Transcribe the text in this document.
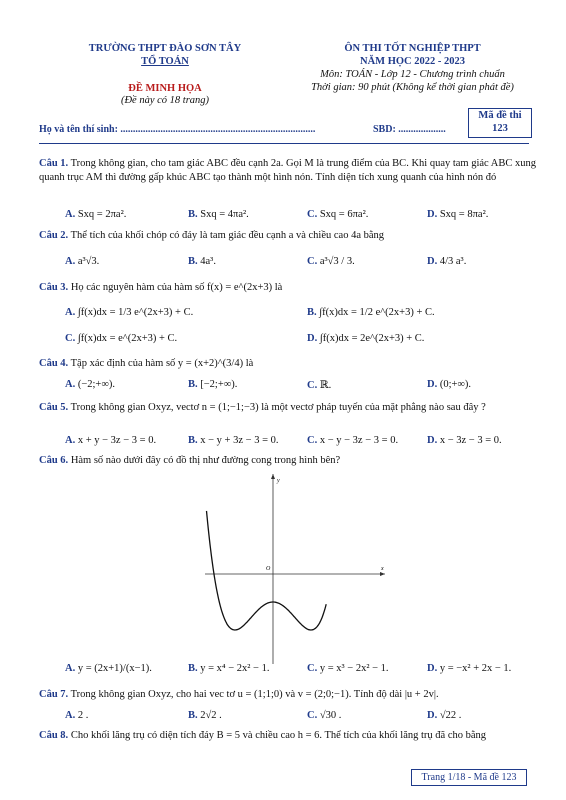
TRƯỜNG THPT ĐÀO SƠN TÂY
TỔ TOÁN
ĐỀ MINH HỌA
(Đề này có 18 trang)
ÔN THI TỐT NGHIỆP THPT
NĂM HỌC 2022 - 2023
Môn: TOÁN - Lớp 12 - Chương trình chuẩn
Thời gian: 90 phút (Không kể thời gian phát đề)
Họ và tên thí sinh: ..............................................................................	SBD: ...................
Mã đề thi
123
Câu 1. Trong không gian, cho tam giác ABC đều cạnh 2a. Gọi M là trung điểm của BC. Khi quay tam giác ABC xung quanh trục AM thì đường gấp khúc ABC tạo thành một hình nón. Tính diện tích xung quanh của hình nón đó
A. Sxq = 2πa².	B. Sxq = 4πa².	C. Sxq = 6πa².	D. Sxq = 8πa².
Câu 2. Thể tích của khối chóp có đáy là tam giác đều cạnh a và chiều cao 4a bằng
A. a³√3.	B. 4a³.	C. a³√3 / 3.	D. 4/3 a³.
Câu 3. Họ các nguyên hàm của hàm số f(x) = e^(2x+3) là
A. ∫f(x)dx = 1/3 e^(2x+3) + C.	B. ∫f(x)dx = 1/2 e^(2x+3) + C.
C. ∫f(x)dx = e^(2x+3) + C.	D. ∫f(x)dx = 2e^(2x+3) + C.
Câu 4. Tập xác định của hàm số y = (x+2)^(3/4) là
A. (−2;+∞).	B. [−2;+∞).	C. ℝ.	D. (0;+∞).
Câu 5. Trong không gian Oxyz, vectơ n = (1;−1;−3) là một vectơ pháp tuyến của mặt phẳng nào sau đây ?
A. x + y − 3z − 3 = 0.	B. x − y + 3z − 3 = 0.	C. x − y − 3z − 3 = 0.	D. x − 3z − 3 = 0.
Câu 6. Hàm số nào dưới đây có đồ thị như đường cong trong hình bên?
x
y
O
A. y = (2x+1)/(x−1).	B. y = x⁴ − 2x² − 1.	C. y = x³ − 2x² − 1.	D. y = −x² + 2x − 1.
Câu 7. Trong không gian Oxyz, cho hai vec tơ u = (1;1;0) và v = (2;0;−1). Tính độ dài |u + 2v|.
A. 2 .	B. 2√2 .	C. √30 .	D. √22 .
Câu 8. Cho khối lăng trụ có diện tích đáy B = 5 và chiều cao h = 6. Thể tích của khối lăng trụ đã cho bằng
Trang 1/18 - Mã đề 123
